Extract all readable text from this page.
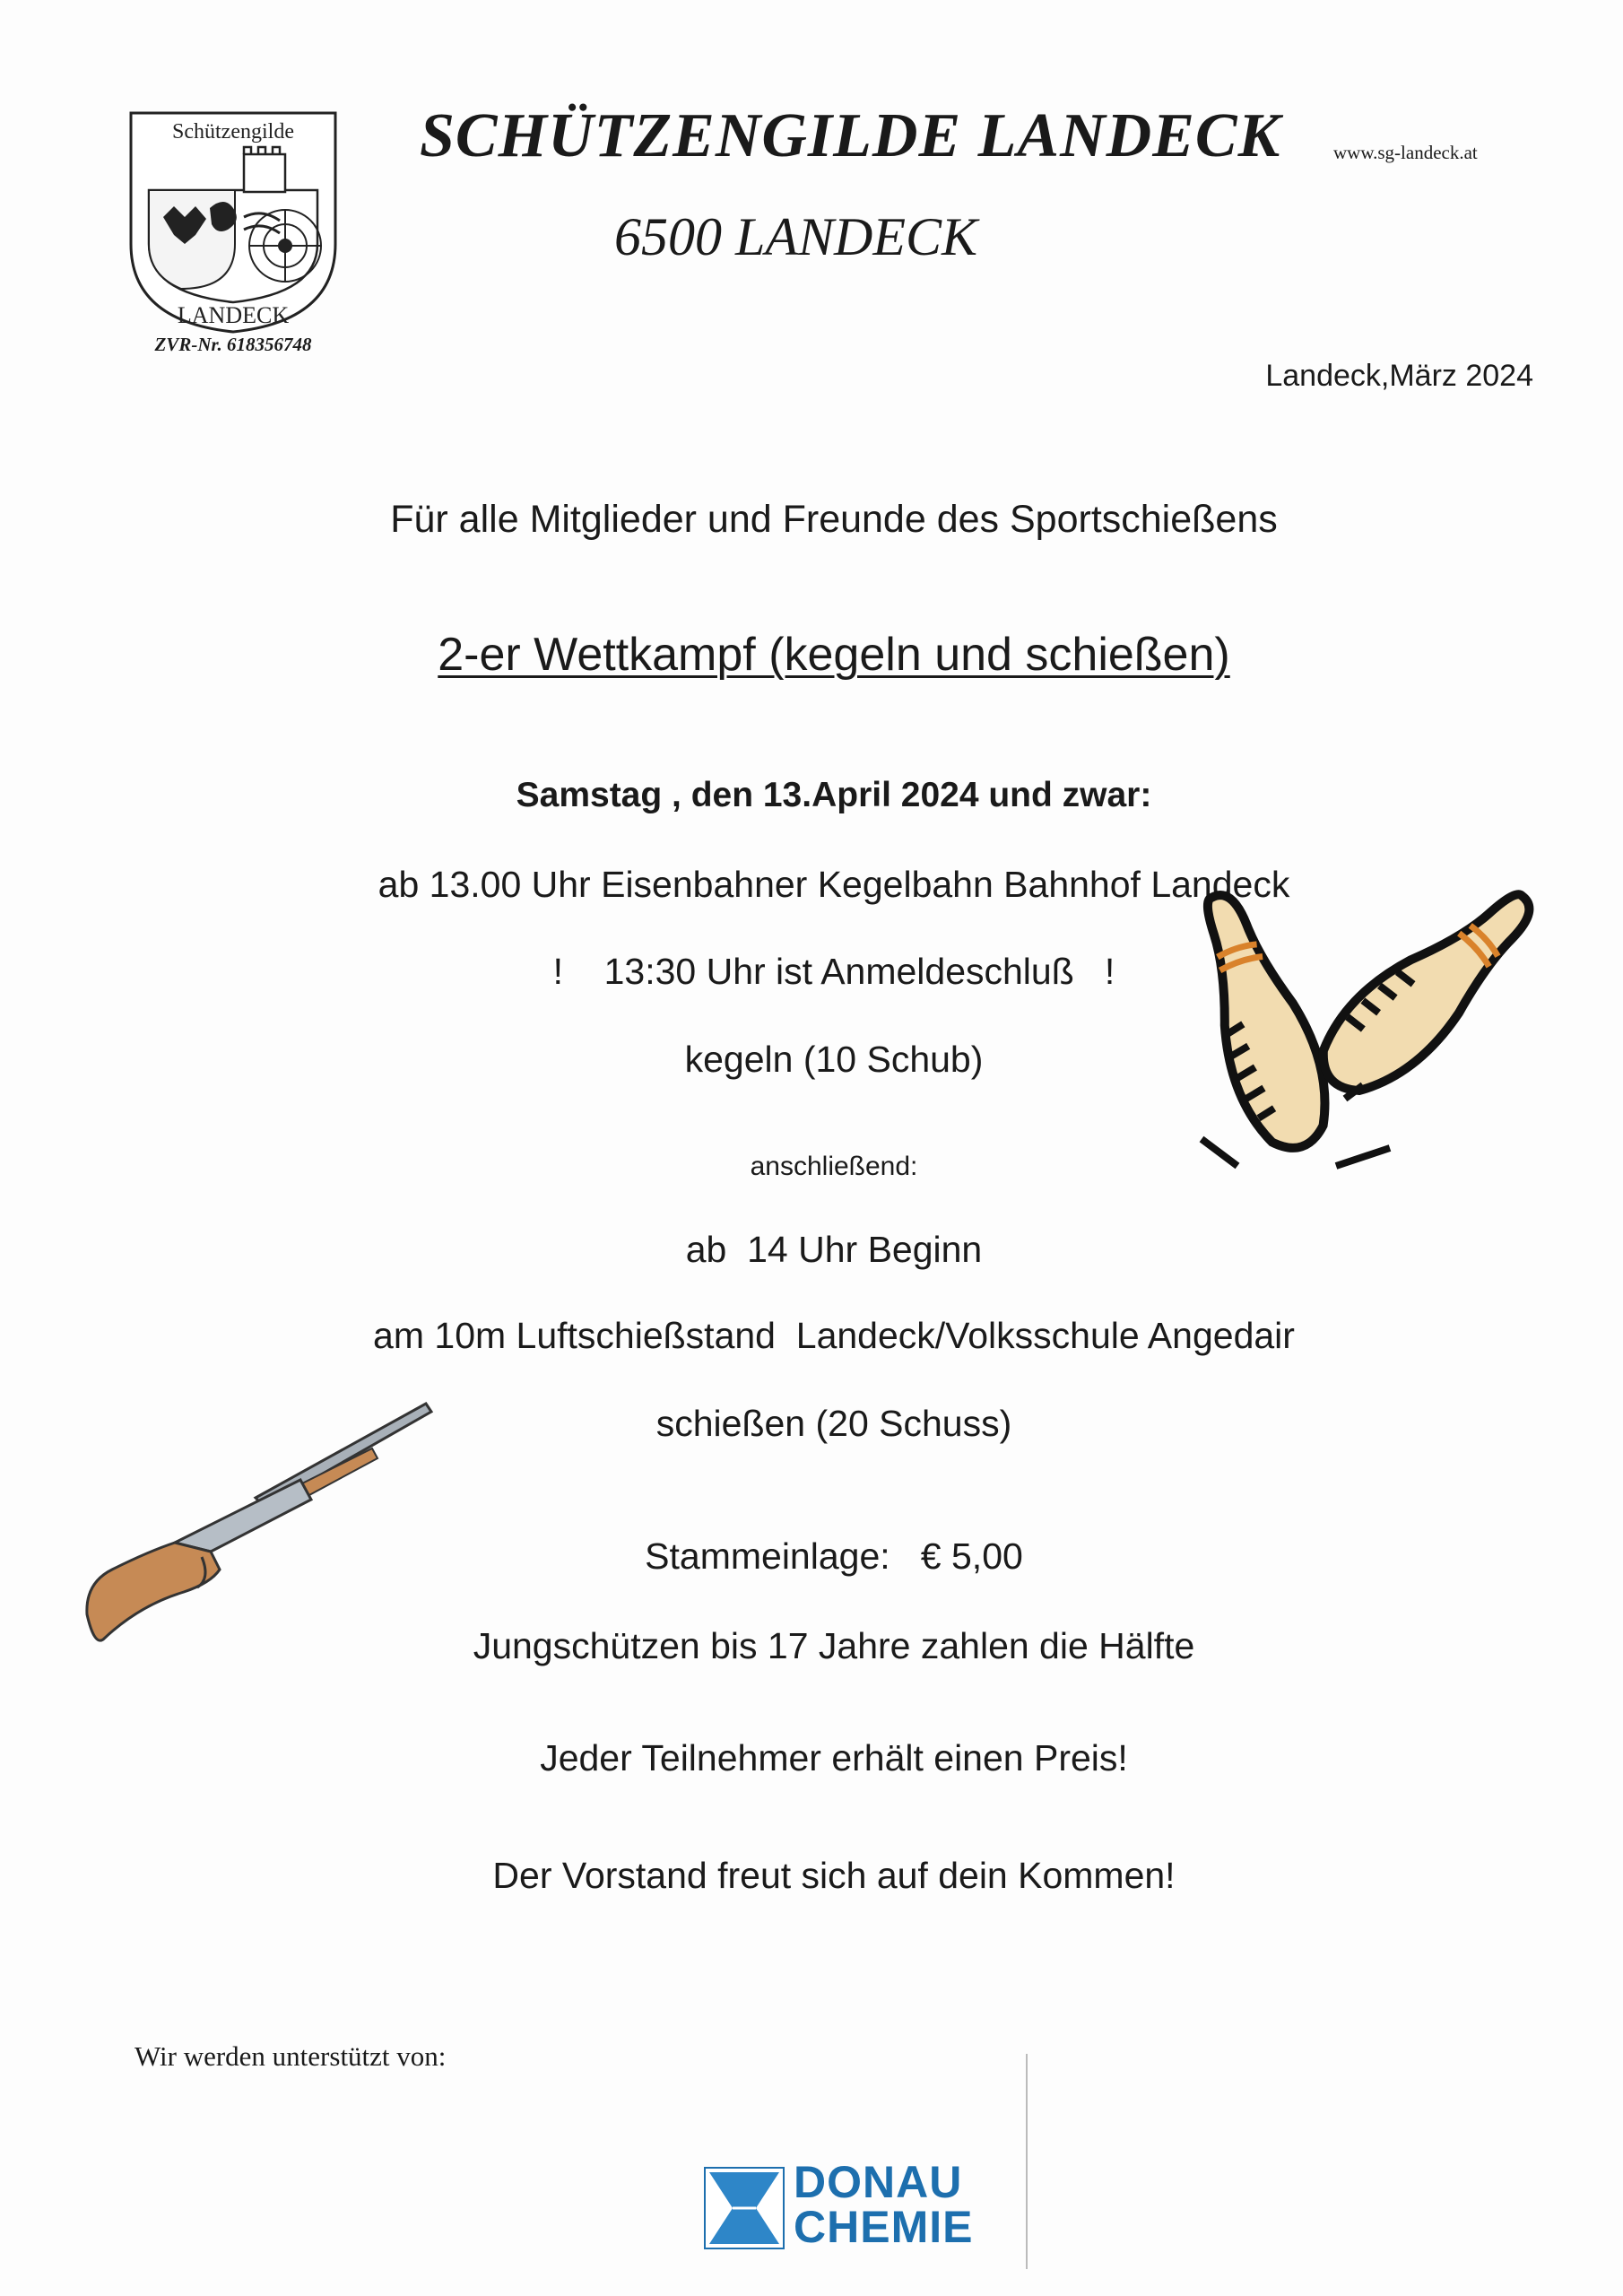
Schützengilde
LANDECK
ZVR-Nr. 618356748
SCHÜTZENGILDE LANDECK	www.sg-landeck.at
6500 LANDECK
Landeck,März 2024
Für alle Mitglieder und Freunde des Sportschießens
2-er Wettkampf (kegeln und schießen)
Samstag , den 13.April 2024 und zwar:
ab 13.00 Uhr Eisenbahner Kegelbahn Bahnhof Landeck
!    13:30 Uhr ist Anmeldeschluß   !
kegeln (10 Schub)
anschließend:
ab  14 Uhr Beginn
am 10m Luftschießstand  Landeck/Volksschule Angedair
schießen (20 Schuss)
Stammeinlage:   € 5,00
Jungschützen bis 17 Jahre zahlen die Hälfte
Jeder Teilnehmer erhält einen Preis!
Der Vorstand freut sich auf dein Kommen!
Wir werden unterstützt von:
DONAU
CHEMIE
